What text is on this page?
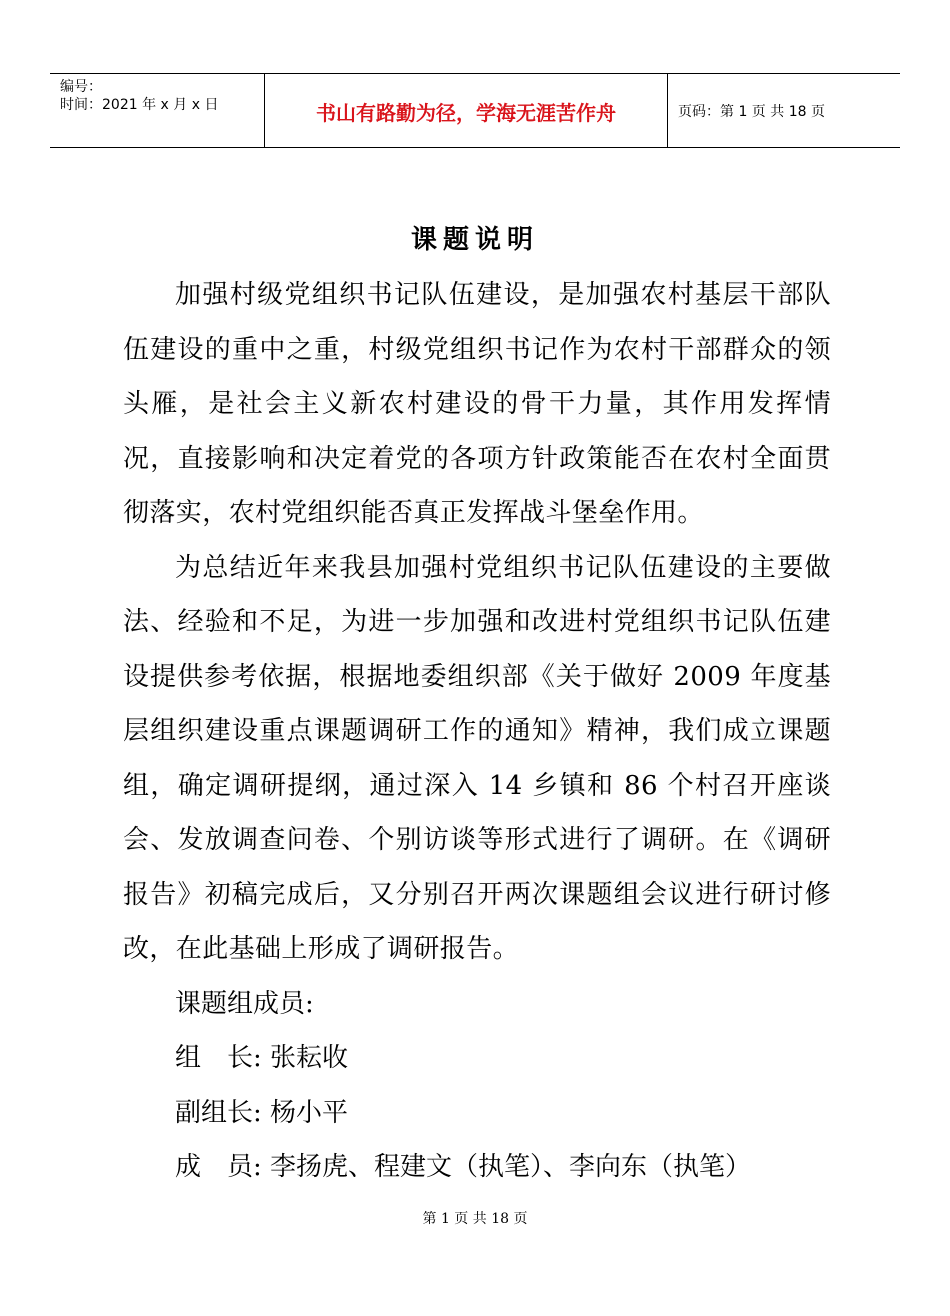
编号：
时间：2021 年 x 月 x 日	书山有路勤为径，学海无涯苦作舟	页码：第 1 页 共 18 页
课题说明

加强村级党组织书记队伍建设，是加强农村基层干部队伍建设的重中之重，村级党组织书记作为农村干部群众的领头雁，是社会主义新农村建设的骨干力量，其作用发挥情况，直接影响和决定着党的各项方针政策能否在农村全面贯彻落实，农村党组织能否真正发挥战斗堡垒作用。

为总结近年来我县加强村党组织书记队伍建设的主要做法、经验和不足，为进一步加强和改进村党组织书记队伍建设提供参考依据，根据地委组织部《关于做好 2009 年度基层组织建设重点课题调研工作的通知》精神，我们成立课题组，确定调研提纲，通过深入 14 乡镇和 86 个村召开座谈会、发放调查问卷、个别访谈等形式进行了调研。在《调研报告》初稿完成后，又分别召开两次课题组会议进行研讨修改，在此基础上形成了调研报告。

课题组成员:

组　长: 张耘收

副组长: 杨小平

成　员: 李扬虎、程建文（执笔）、李向东（执笔）

第 1 页 共 18 页
